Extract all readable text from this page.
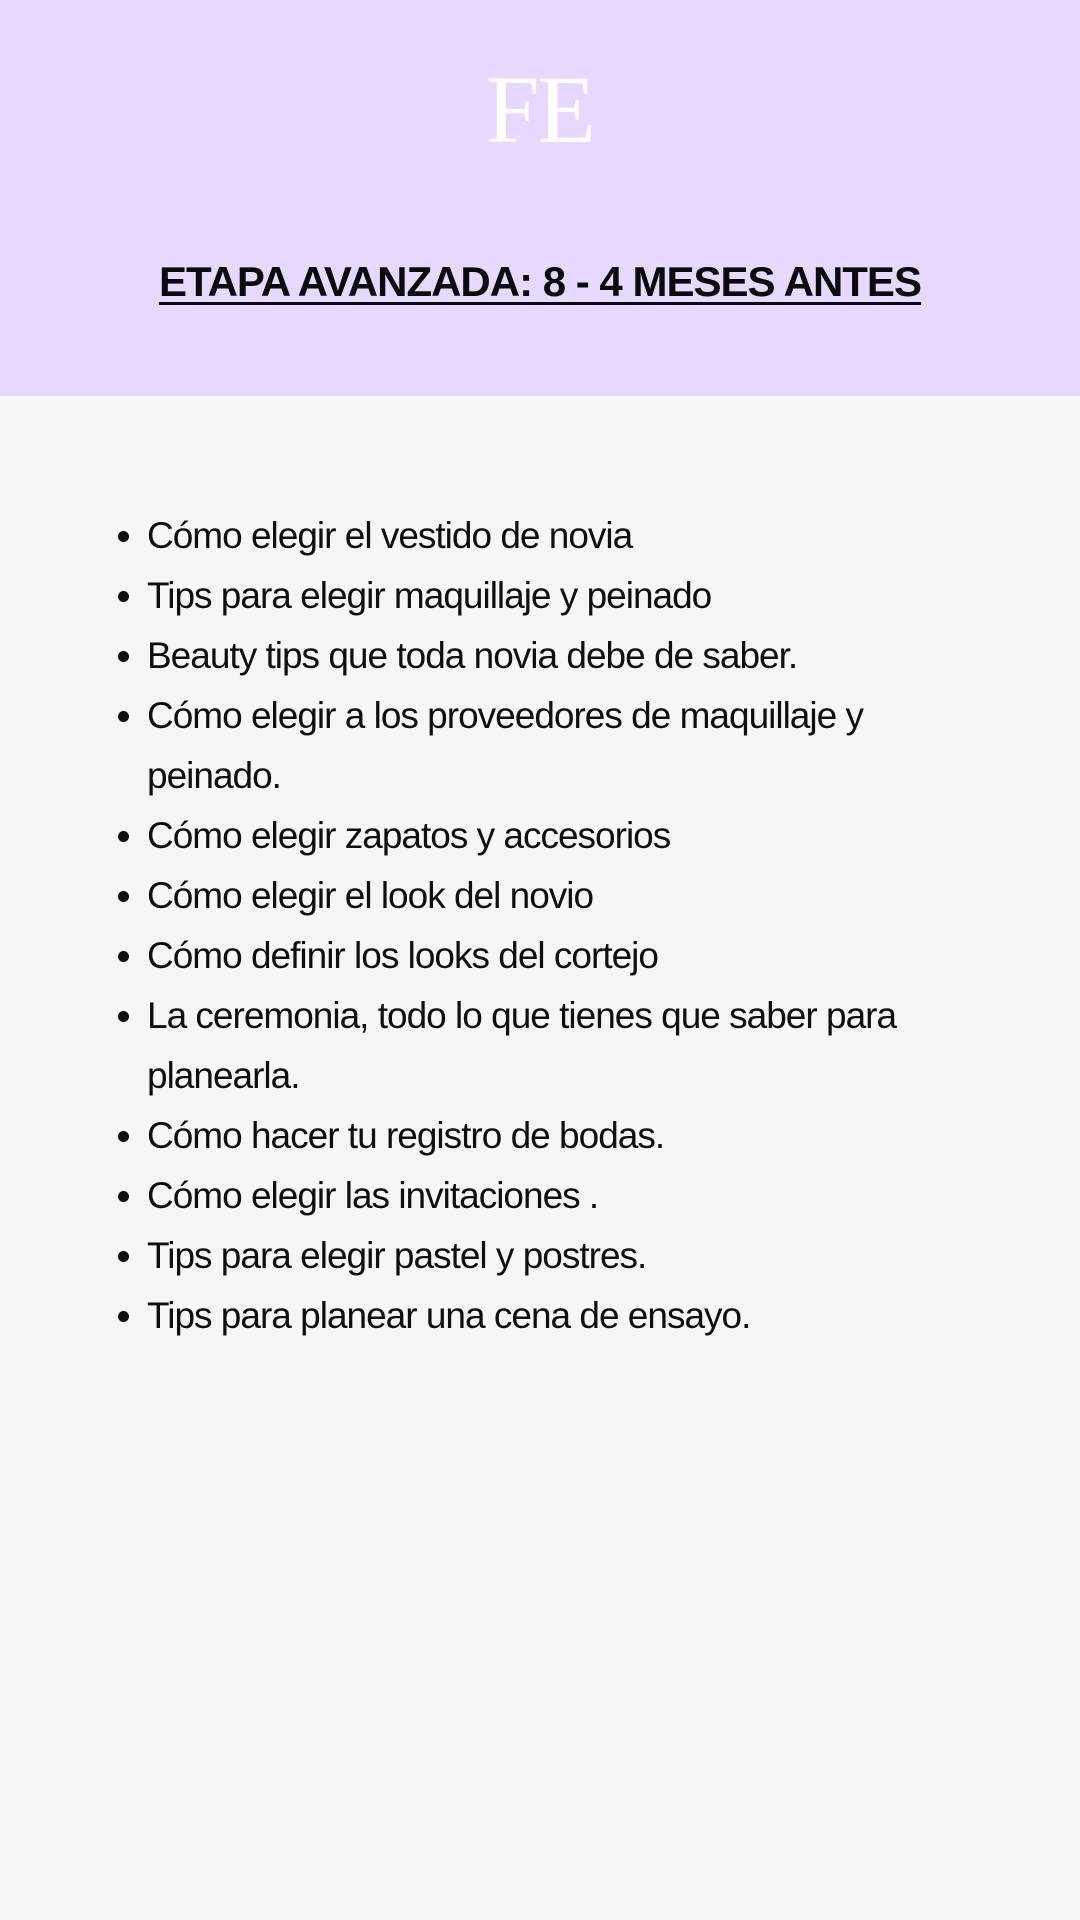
FE
ETAPA AVANZADA: 8 - 4 MESES ANTES
• Cómo elegir el vestido de novia
• Tips para elegir maquillaje y peinado
• Beauty tips que toda novia debe de saber.
• Cómo elegir a los proveedores de maquillaje y peinado.
• Cómo elegir zapatos y accesorios
• Cómo elegir el look del novio
• Cómo definir los looks del cortejo
• La ceremonia, todo lo que tienes que saber para planearla.
• Cómo hacer tu registro de bodas.
• Cómo elegir las invitaciones .
• Tips para elegir pastel y postres.
• Tips para planear una cena de ensayo.
